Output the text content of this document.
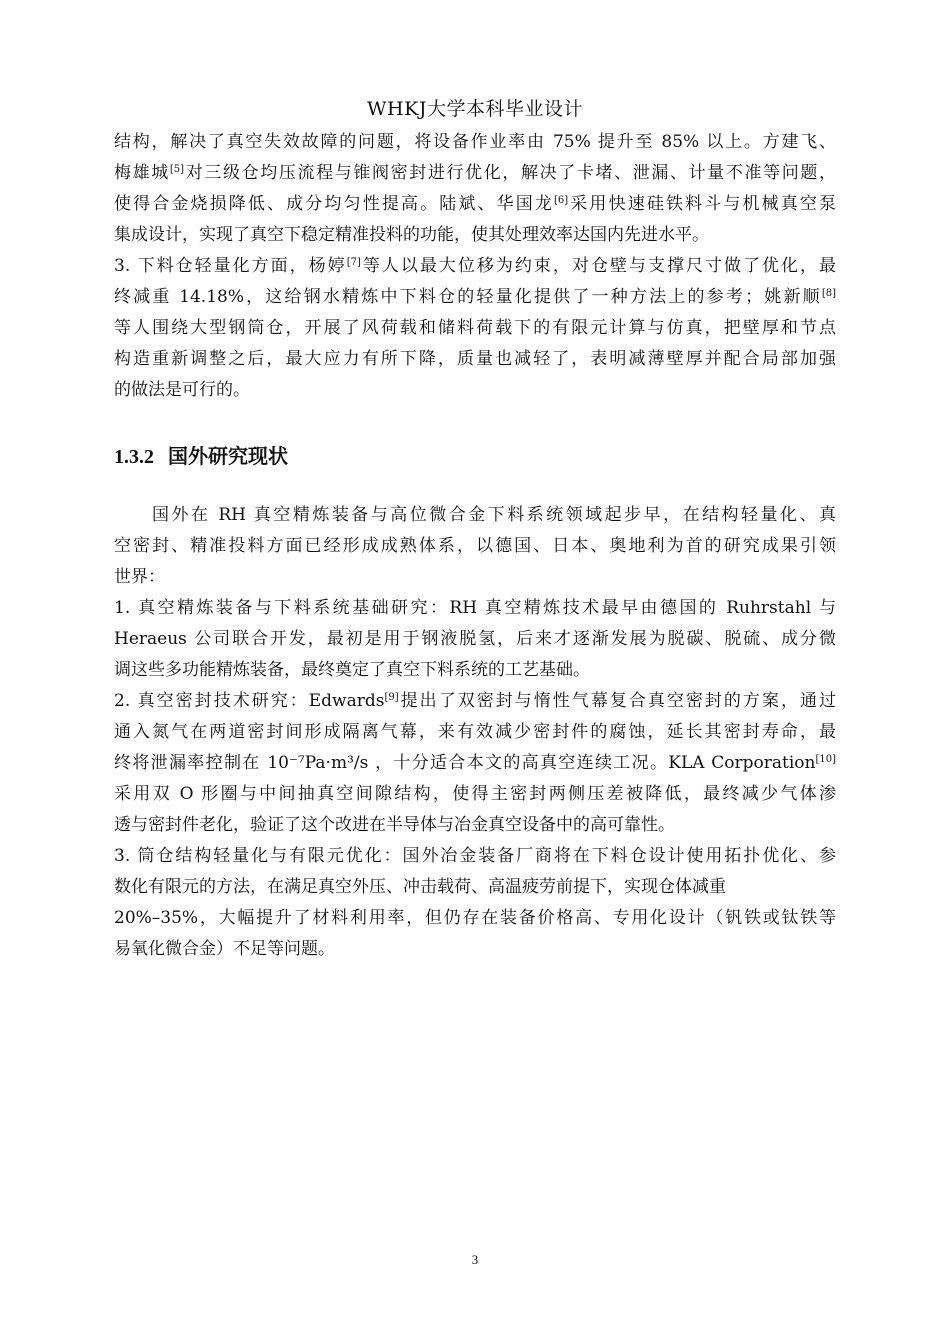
WHKJ大学本科毕业设计
结构，解决了真空失效故障的问题，将设备作业率由 75% 提升至 85% 以上。方建飞、
梅雄城[5]对三级仓均压流程与锥阀密封进行优化，解决了卡堵、泄漏、计量不准等问题，
使得合金烧损降低、成分均匀性提高。陆斌、华国龙[6]采用快速硅铁料斗与机械真空泵
集成设计，实现了真空下稳定精准投料的功能，使其处理效率达国内先进水平。
3. 下料仓轻量化方面，杨婷[7]等人以最大位移为约束，对仓壁与支撑尺寸做了优化，最
终减重 14.18%，这给钢水精炼中下料仓的轻量化提供了一种方法上的参考；姚新顺[8]
等人围绕大型钢筒仓，开展了风荷载和储料荷载下的有限元计算与仿真，把壁厚和节点
构造重新调整之后，最大应力有所下降，质量也减轻了，表明减薄壁厚并配合局部加强
的做法是可行的。
1.3.2 国外研究现状
国外在 RH 真空精炼装备与高位微合金下料系统领域起步早，在结构轻量化、真
空密封、精准投料方面已经形成成熟体系，以德国、日本、奥地利为首的研究成果引领
世界：
1. 真空精炼装备与下料系统基础研究：RH 真空精炼技术最早由德国的 Ruhrstahl 与
Heraeus 公司联合开发，最初是用于钢液脱氢，后来才逐渐发展为脱碳、脱硫、成分微
调这些多功能精炼装备，最终奠定了真空下料系统的工艺基础。
2. 真空密封技术研究：Edwards[9]提出了双密封与惰性气幕复合真空密封的方案，通过
通入氮气在两道密封间形成隔离气幕，来有效减少密封件的腐蚀，延长其密封寿命，最
终将泄漏率控制在 10⁻⁷Pa·m³/s ，十分适合本文的高真空连续工况。KLA Corporation[10]
采用双 O 形圈与中间抽真空间隙结构，使得主密封两侧压差被降低，最终减少气体渗
透与密封件老化，验证了这个改进在半导体与冶金真空设备中的高可靠性。
3. 筒仓结构轻量化与有限元优化：国外冶金装备厂商将在下料仓设计使用拓扑优化、参
数化有限元的方法，在满足真空外压、冲击载荷、高温疲劳前提下，实现仓体减重
20%–35%，大幅提升了材料利用率，但仍存在装备价格高、专用化设计（钒铁或钛铁等
易氧化微合金）不足等问题。
3
